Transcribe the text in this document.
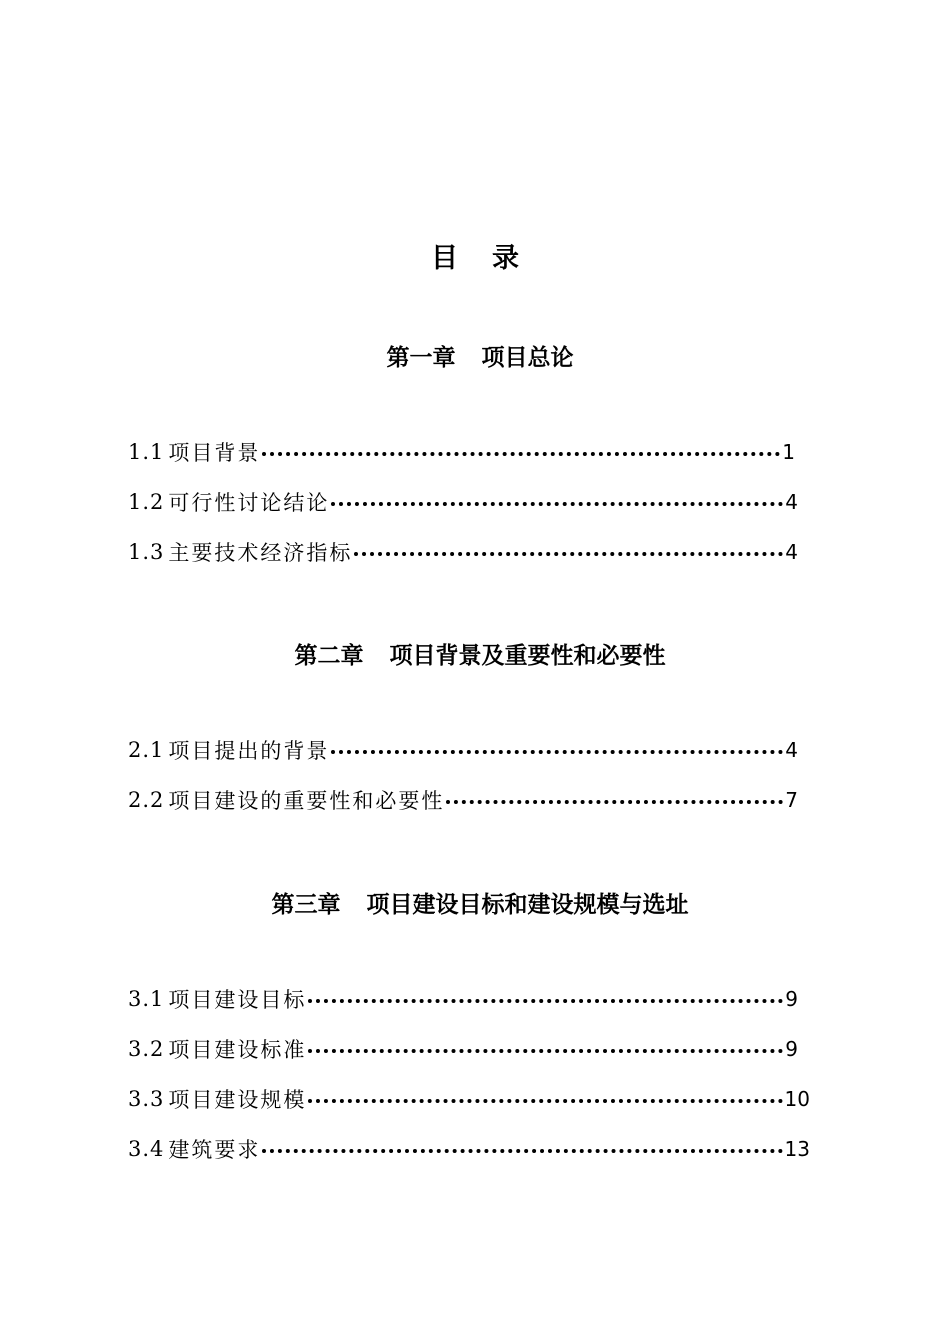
目 录
第一章 项目总论
1.1 项目背景	1
1.2 可行性讨论结论	4
1.3 主要技术经济指标	4
第二章 项目背景及重要性和必要性
2.1 项目提出的背景	4
2.2 项目建设的重要性和必要性	7
第三章 项目建设目标和建设规模与选址
3.1 项目建设目标	9
3.2 项目建设标准	9
3.3 项目建设规模	10
3.4 建筑要求	13
